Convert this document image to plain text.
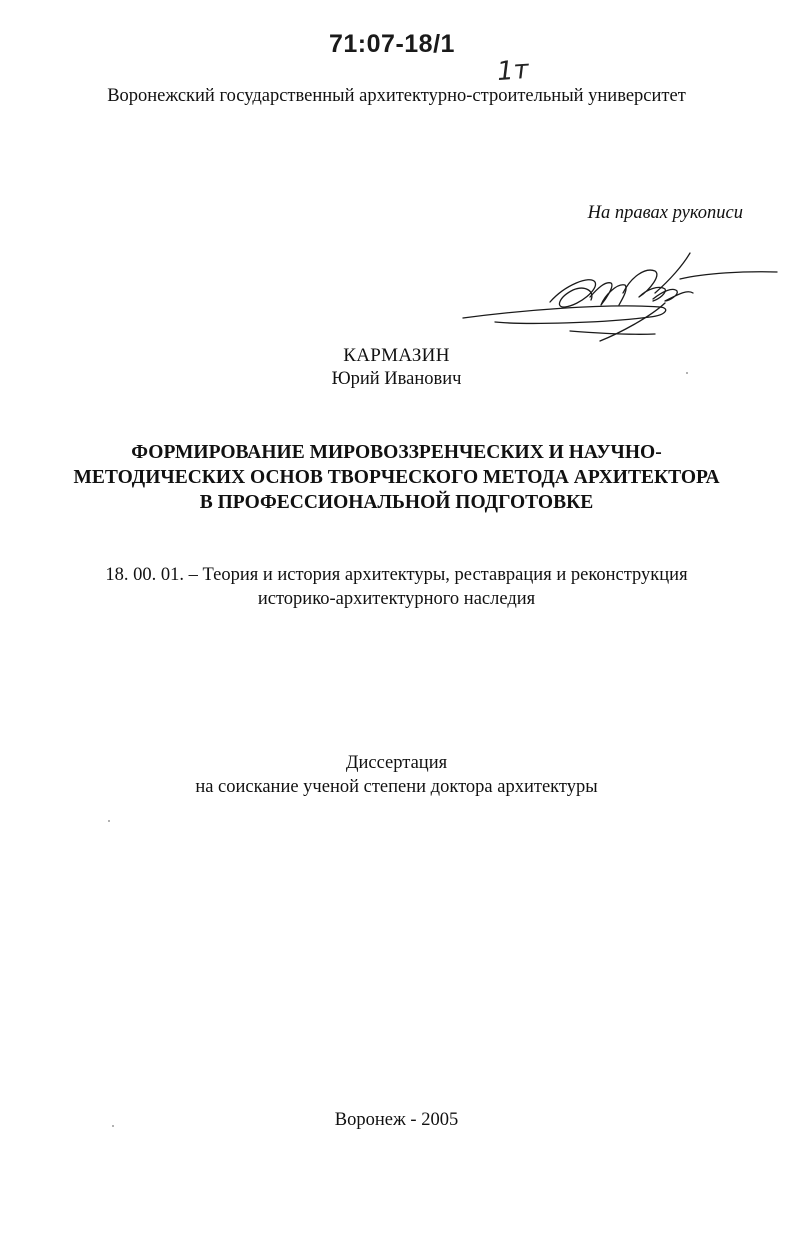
71:07-18/1
1т
Воронежский государственный архитектурно-строительный университет
На правах рукописи
КАРМАЗИН
Юрий Иванович
ФОРМИРОВАНИЕ МИРОВОЗЗРЕНЧЕСКИХ И НАУЧНО-
МЕТОДИЧЕСКИХ ОСНОВ ТВОРЧЕСКОГО МЕТОДА АРХИТЕКТОРА
В ПРОФЕССИОНАЛЬНОЙ ПОДГОТОВКЕ
18. 00. 01. – Теория и история архитектуры, реставрация и реконструкция
историко-архитектурного наследия
Диссертация
на соискание ученой степени доктора архитектуры
Воронеж - 2005
